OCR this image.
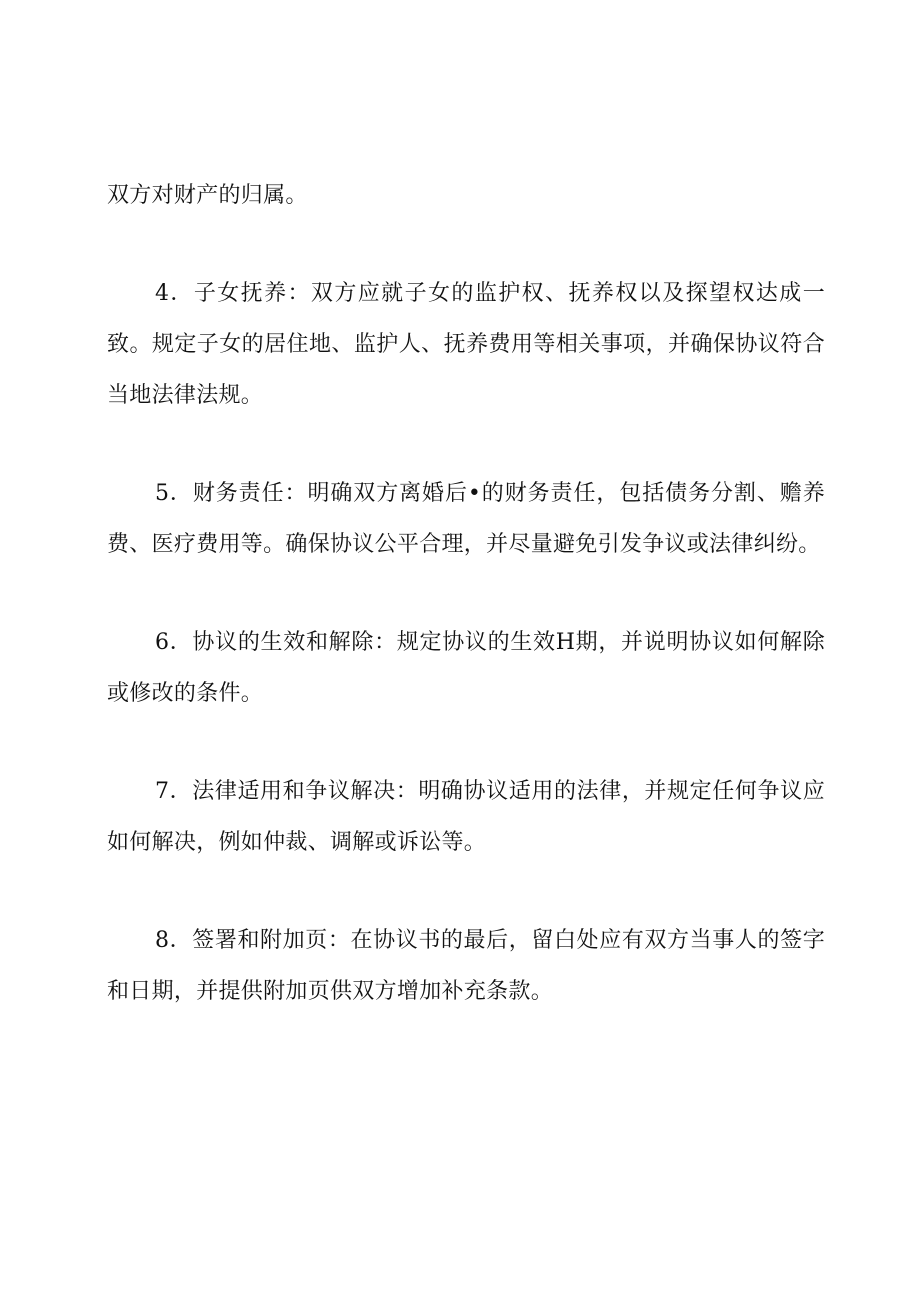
双方对财产的归属。

4．子女抚养：双方应就子女的监护权、抚养权以及探望权达成一致。规定子女的居住地、监护人、抚养费用等相关事项，并确保协议符合当地法律法规。

5．财务责任：明确双方离婚后•的财务责任，包括债务分割、赡养费、医疗费用等。确保协议公平合理，并尽量避免引发争议或法律纠纷。

6．协议的生效和解除：规定协议的生效H期，并说明协议如何解除或修改的条件。

7．法律适用和争议解决：明确协议适用的法律，并规定任何争议应如何解决，例如仲裁、调解或诉讼等。

8．签署和附加页：在协议书的最后，留白处应有双方当事人的签字和日期，并提供附加页供双方增加补充条款。
